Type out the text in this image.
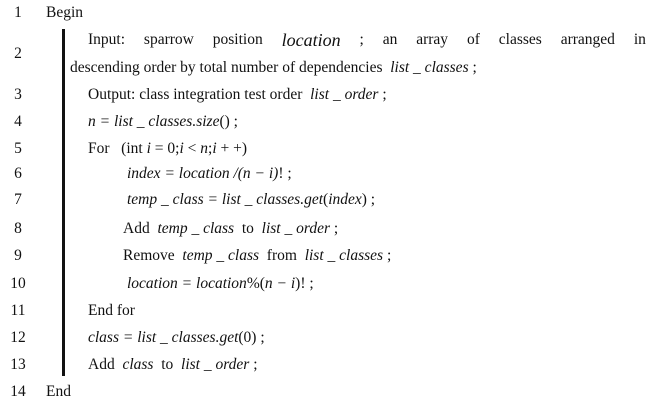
1	Begin
2
Input: sparrow position location ; an array of classes arranged in
descending order by total number of dependencies  list _ classes ;
3	Output: class integration test order  list _ order ;
4	n = list _ classes.size() ;
5	For   (int i = 0;i < n;i + +)
6	index = location /(n − i)! ;
7	temp _ class = list _ classes.get(index) ;
8	Add  temp _ class  to  list _ order ;
9	Remove  temp _ class  from  list _ classes ;
10	location = location%(n − i)! ;
11	End for
12	class = list _ classes.get(0) ;
13	Add  class  to  list _ order ;
14 End
